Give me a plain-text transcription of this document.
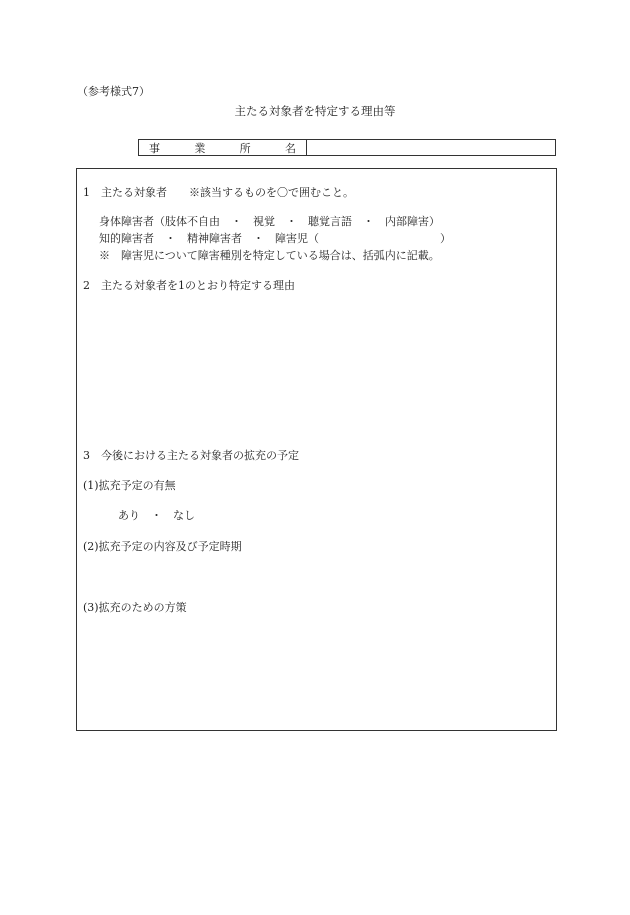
（参考様式7）
主たる対象者を特定する理由等
事	業	所	名
1　主たる対象者　　※該当するものを〇で囲むこと。
身体障害者（肢体不自由　・　視覚　・　聴覚言語　・　内部障害）
知的障害者　・　精神障害者　・　障害児（　　　　　　　　　　　）
※　障害児について障害種別を特定している場合は、括弧内に記載。
2　主たる対象者を1のとおり特定する理由
3　今後における主たる対象者の拡充の予定
(1)拡充予定の有無
あり　・　なし
(2)拡充予定の内容及び予定時期
(3)拡充のための方策
